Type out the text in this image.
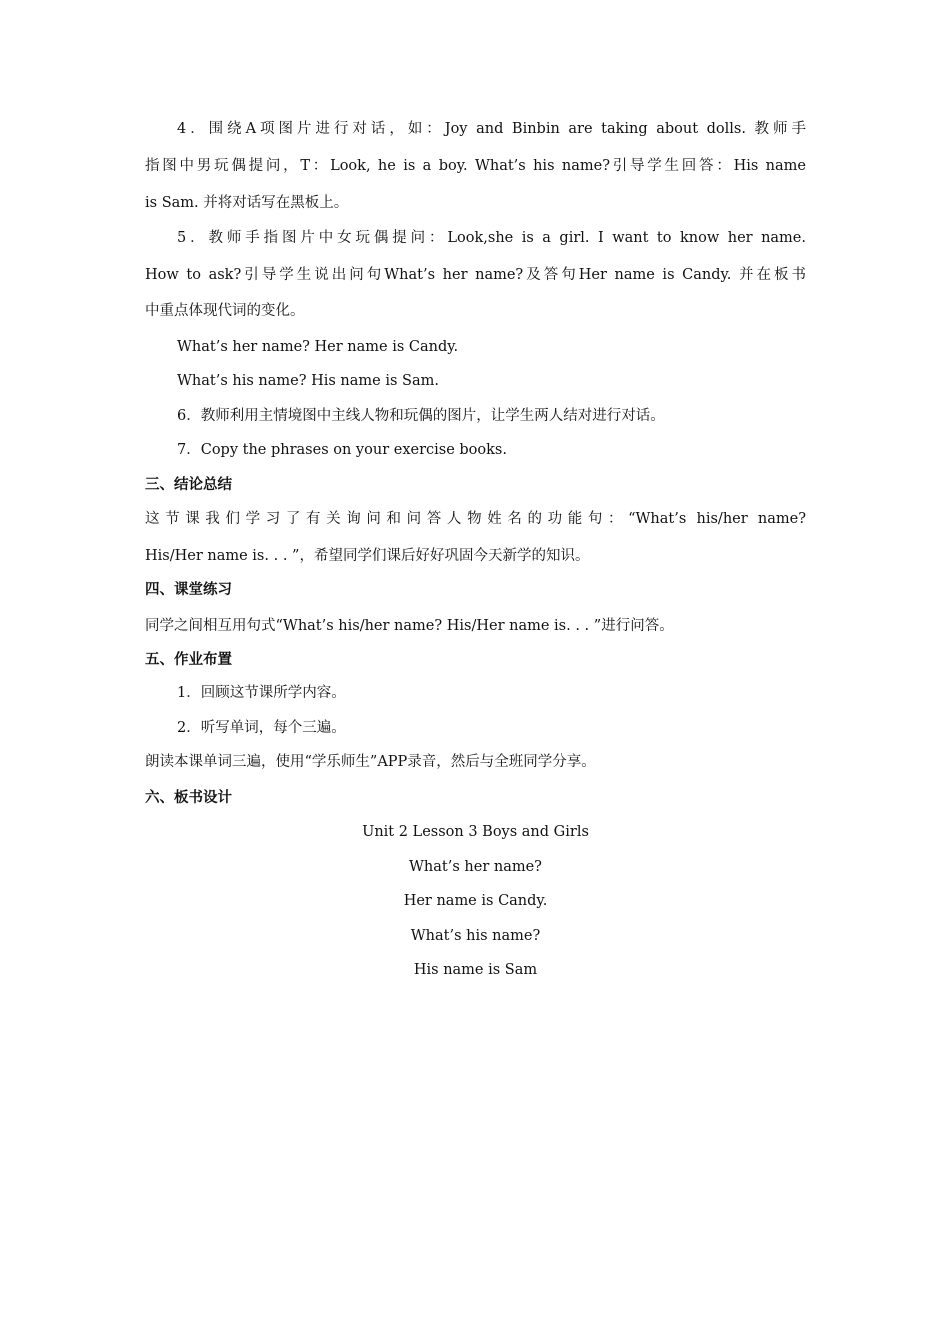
4．围绕A项图片进行对话，如：Joy and Binbin are taking about dolls. 教师手
指图中男玩偶提问，T：Look, he is a boy. What’s his name?引导学生回答：His name
is Sam. 并将对话写在黑板上。
5．教师手指图片中女玩偶提问：Look,she is a girl. I want to know her name.
How to ask?引导学生说出问句What’s her name?及答句Her name is Candy. 并在板书
中重点体现代词的变化。
What’s her name? Her name is Candy.
What’s his name? His name is Sam.
6．教师利用主情境图中主线人物和玩偶的图片，让学生两人结对进行对话。
7．Copy the phrases on your exercise books.
三、结论总结
这节课我们学习了有关询问和问答人物姓名的功能句：“What’s his/her name?
His/Her name is. . . ”，希望同学们课后好好巩固今天新学的知识。
四、课堂练习
同学之间相互用句式“What’s his/her name? His/Her name is. . . ”进行问答。
五、作业布置
1．回顾这节课所学内容。
2．听写单词，每个三遍。
朗读本课单词三遍，使用“学乐师生”APP录音，然后与全班同学分享。
六、板书设计
Unit 2 Lesson 3 Boys and Girls
What’s her name?
Her name is Candy.
What’s his name?
His name is Sam
